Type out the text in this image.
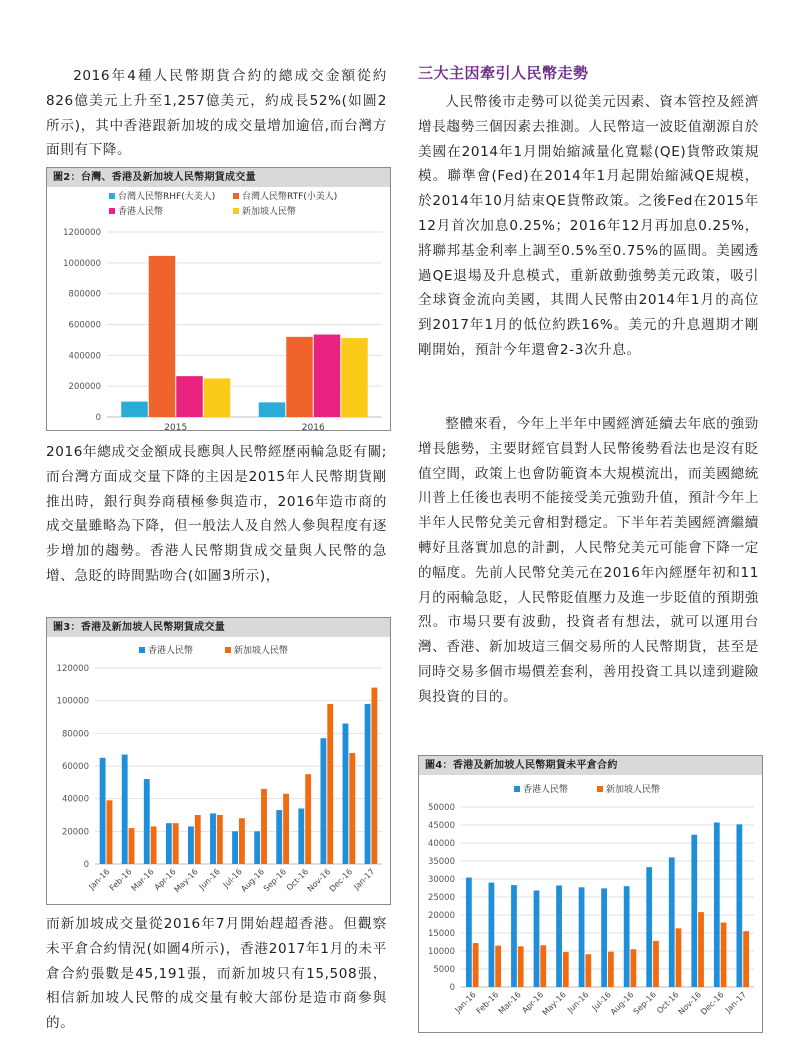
2016年4種人民幣期貨合約的總成交金額從約826億美元上升至1,257億美元，約成長52%(如圖2所示)，其中香港跟新加坡的成交量增加逾倍,而台灣方面則有下降。

圖2：台灣、香港及新加坡人民幣期貨成交量
台灣人民幣RHF(大美人)	台灣人民幣RTF(小美人)
香港人民幣	新加坡人民幣
0
200000
400000
600000
800000
1000000
1200000
2015	2016

2016年總成交金額成長應與人民幣經歷兩輪急貶有關;而台灣方面成交量下降的主因是2015年人民幣期貨剛推出時，銀行與券商積極參與造市，2016年造市商的成交量雖略為下降，但一般法人及自然人參與程度有逐步增加的趨勢。香港人民幣期貨成交量與人民幣的急增、急貶的時間點吻合(如圖3所示)，

圖3：香港及新加坡人民幣期貨成交量
香港人民幣	新加坡人民幣
0
20000
40000
60000
80000
100000
120000
Jan-16
Feb-16
Mar-16
Apr-16
May-16
Jun-16 Jul-16
Aug-16
Sep-16
Oct-16
Nov-16
Dec-16
Jan-17

而新加坡成交量從2016年7月開始趕超香港。但觀察未平倉合約情況(如圖4所示)，香港2017年1月的未平倉合約張數是45,191張，而新加坡只有15,508張，相信新加坡人民幣的成交量有較大部份是造市商參與的。

三大主因牽引人民幣走勢

人民幣後市走勢可以從美元因素、資本管控及經濟增長趨勢三個因素去推測。人民幣這一波貶值潮源自於美國在2014年1月開始縮減量化寬鬆(QE)貨幣政策規模。聯準會(Fed)在2014年1月起開始縮減QE規模，於2014年10月結束QE貨幣政策。之後Fed在2015年12月首次加息0.25%；2016年12月再加息0.25%，將聯邦基金利率上調至0.5%至0.75%的區間。美國透過QE退場及升息模式，重新啟動強勢美元政策，吸引全球資金流向美國，其間人民幣由2014年1月的高位到2017年1月的低位約跌16%。美元的升息週期才剛剛開始，預計今年還會2-3次升息。

整體來看，今年上半年中國經濟延續去年底的強勁增長態勢，主要財經官員對人民幣後勢看法也是沒有貶值空間，政策上也會防範資本大規模流出，而美國總統川普上任後也表明不能接受美元強勁升值，預計今年上半年人民幣兌美元會相對穩定。下半年若美國經濟繼續轉好且落實加息的計劃，人民幣兌美元可能會下降一定的幅度。先前人民幣兌美元在2016年內經歷年初和11月的兩輪急貶，人民幣貶值壓力及進一步貶值的預期強烈。市場只要有波動，投資者有想法，就可以運用台灣、香港、新加坡這三個交易所的人民幣期貨，甚至是同時交易多個市場價差套利，善用投資工具以達到避險與投資的目的。

圖4：香港及新加坡人民幣期貨未平倉合約
香港人民幣	新加坡人民幣
0
5000
10000
15000
20000
25000
30000
35000
40000
45000
50000
Jan-16
Feb-16
Mar-16
Apr-16
May-16
Jun-16 Jul-16
Aug-16
Sep-16
Oct-16
Nov-16
Dec-16
Jan-17
